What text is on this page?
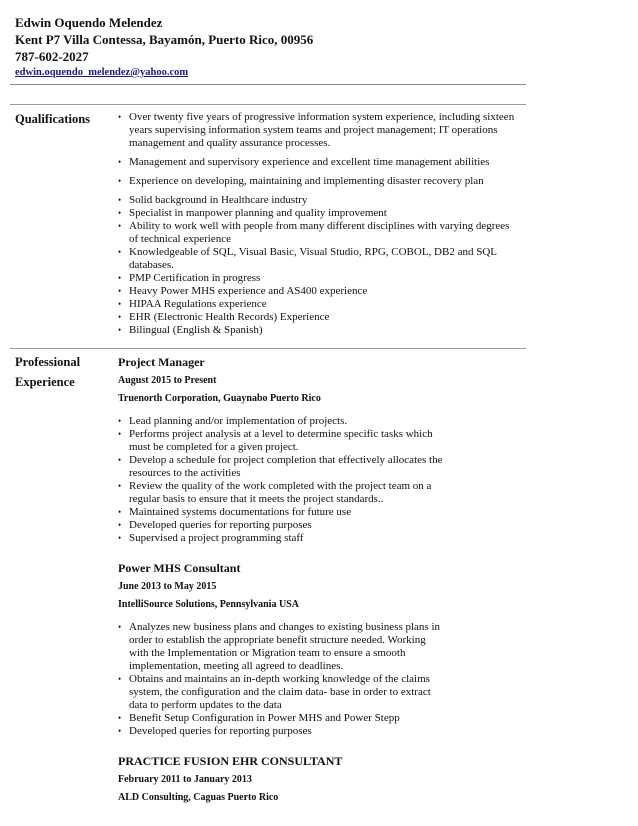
Edwin Oquendo Melendez
Kent P7 Villa Contessa, Bayamón, Puerto Rico, 00956
787-602-2027
edwin.oquendo_melendez@yahoo.com
Qualifications
•	Over twenty five years of progressive information system experience, including sixteen years supervising information system teams and project management; IT operations management and quality assurance processes.
• Management and supervisory experience and excellent time management abilities
• Experience on developing, maintaining and implementing disaster recovery plan
• Solid background in Healthcare industry
• Specialist in manpower planning and quality improvement
• Ability to work well with people from many different disciplines with varying degrees of technical experience
• Knowledgeable of SQL, Visual Basic, Visual Studio, RPG, COBOL, DB2 and SQL databases.
• PMP Certification in progress
• Heavy Power MHS experience and AS400 experience
• HIPAA Regulations experience
• EHR (Electronic Health Records) Experience
• Bilingual (English & Spanish)
Professional
Experience
Project Manager
August 2015 to Present
Truenorth Corporation, Guaynabo Puerto Rico
• Lead planning and/or implementation of projects.
• Performs project analysis at a level to determine specific tasks which must be completed for a given project.
• Develop a schedule for project completion that effectively allocates the resources to the activities
• Review the quality of the work completed with the project team on a regular basis to ensure that it meets the project standards..
• Maintained systems documentations for future use
• Developed queries for reporting purposes
• Supervised a project programming staff
Power MHS Consultant
June 2013 to May 2015
IntelliSource Solutions, Pennsylvania USA
• Analyzes new business plans and changes to existing business plans in order to establish the appropriate benefit structure needed. Working with the Implementation or Migration team to ensure a smooth implementation, meeting all agreed to deadlines.
• Obtains and maintains an in-depth working knowledge of the claims system, the configuration and the claim data- base in order to extract data to perform updates to the data
• Benefit Setup Configuration in Power MHS and Power Stepp
• Developed queries for reporting purposes
PRACTICE FUSION EHR CONSULTANT
February 2011 to January 2013
ALD Consulting, Caguas Puerto Rico
